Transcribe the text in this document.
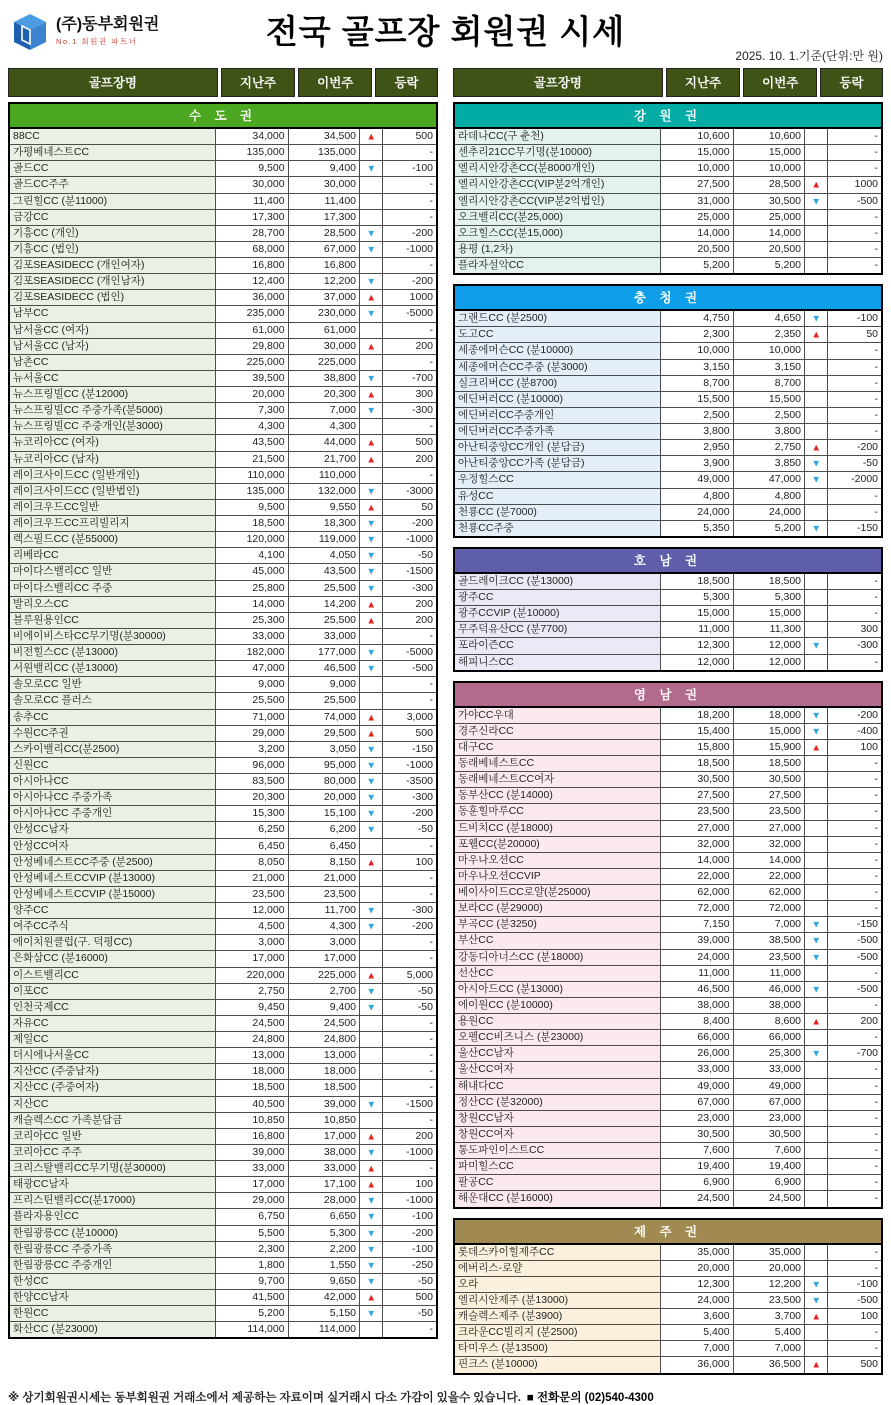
(주)동부회원권
No.1 회원권 파트너	전국 골프장 회원권 시세
2025. 10. 1.기준(단위:만 원)
골프장명	지난주	이번주	등락
수 도 권
88CC	34,000	34,500	▲	500
가평베네스트CC	135,000	135,000		-
골드CC	9,500	9,400	▼	-100
골드CC주주	30,000	30,000		-
그린힐CC (분11000)	11,400	11,400		-
금강CC	17,300	17,300		-
기흥CC (개인)	28,700	28,500	▼	-200
기흥CC (법인)	68,000	67,000	▼	-1000
김포SEASIDECC (개인여자)	16,800	16,800		-
김포SEASIDECC (개인남자)	12,400	12,200	▼	-200
김포SEASIDECC (법인)	36,000	37,000	▲	1000
남부CC	235,000	230,000	▼	-5000
남서울CC (여자)	61,000	61,000		-
남서울CC (남자)	29,800	30,000	▲	200
남촌CC	225,000	225,000		-
뉴서울CC	39,500	38,800	▼	-700
뉴스프링빌CC (분12000)	20,000	20,300	▲	300
뉴스프링빌CC 주중가족(분5000)	7,300	7,000	▼	-300
뉴스프링빌CC 주중개인(분3000)	4,300	4,300		-
뉴코리아CC (여자)	43,500	44,000	▲	500
뉴코리아CC (남자)	21,500	21,700	▲	200
레이크사이드CC (일반개인)	110,000	110,000		-
레이크사이드CC (일반법인)	135,000	132,000	▼	-3000
레이크우드CC일반	9,500	9,550	▲	50
레이크우드CC프리빌리지	18,500	18,300	▼	-200
렉스필드CC (분55000)	120,000	119,000	▼	-1000
리베라CC	4,100	4,050	▼	-50
마이다스밸리CC 일반	45,000	43,500	▼	-1500
마이다스밸리CC 주중	25,800	25,500	▼	-300
발리오스CC	14,000	14,200	▲	200
블루원용인CC	25,300	25,500	▲	200
비에이비스타CC무기명(분30000)	33,000	33,000		-
비전힐스CC (분13000)	182,000	177,000	▼	-5000
서원밸리CC (분13000)	47,000	46,500	▼	-500
솔모로CC 일반	9,000	9,000		-
솔모로CC 플러스	25,500	25,500		-
송추CC	71,000	74,000	▲	3,000
수원CC주권	29,000	29,500	▲	500
스카이밸리CC(분2500)	3,200	3,050	▼	-150
신원CC	96,000	95,000	▼	-1000
아시아나CC	83,500	80,000	▼	-3500
아시아나CC 주중가족	20,300	20,000	▼	-300
아시아나CC 주중개인	15,300	15,100	▼	-200
안성CC남자	6,250	6,200	▼	-50
안성CC여자	6,450	6,450		-
안성베네스트CC주중 (분2500)	8,050	8,150	▲	100
안성베네스트CCVIP (분13000)	21,000	21,000		-
안성베네스트CCVIP (분15000)	23,500	23,500		-
양주CC	12,000	11,700	▼	-300
여주CC주식	4,500	4,300	▼	-200
에이치원클럽(구. 덕평CC)	3,000	3,000		-
은화삼CC (분16000)	17,000	17,000		-
이스트밸리CC	220,000	225,000	▲	5,000
이포CC	2,750	2,700	▼	-50
인천국제CC	9,450	9,400	▼	-50
자유CC	24,500	24,500		-
제일CC	24,800	24,800		-
더시에나서울CC	13,000	13,000		-
지산CC (주중남자)	18,000	18,000		-
지산CC (주중여자)	18,500	18,500		-
지산CC	40,500	39,000	▼	-1500
캐슬렉스CC 가족분담금	10,850	10,850		-
코리아CC 일반	16,800	17,000	▲	200
코리아CC 주주	39,000	38,000	▼	-1000
크리스탈밸리CC무기명(분30000)	33,000	33,000	▲	-
태광CC남자	17,000	17,100	▲	100
프리스틴밸리CC(분17000)	29,000	28,000	▼	-1000
플라자용인CC	6,750	6,650	▼	-100
한림광릉CC (분10000)	5,500	5,300	▼	-200
한림광릉CC 주중가족	2,300	2,200	▼	-100
한림광릉CC 주중개인	1,800	1,550	▼	-250
한성CC	9,700	9,650	▼	-50
한양CC남자	41,500	42,000	▲	500
한원CC	5,200	5,150	▼	-50
화산CC (분23000)	114,000	114,000		-
골프장명	지난주	이번주	등락
강 원 권
라데나CC(구 춘천)	10,600	10,600		-
센추리21CC무기명(분10000)	15,000	15,000		-
엘리시안강촌CC(분8000개인)	10,000	10,000		-
엘리시안강촌CC(VIP분2억개인)	27,500	28,500	▲	1000
엘리시안강촌CC(VIP분2억법인)	31,000	30,500	▼	-500
오크밸리CC(분25,000)	25,000	25,000		-
오크힐스CC(분15,000)	14,000	14,000		-
용평 (1,2차)	20,500	20,500		-
플라자설악CC	5,200	5,200		-
충 청 권
그랜드CC (분2500)	4,750	4,650	▼	-100
도고CC	2,300	2,350	▲	50
세종에머슨CC (분10000)	10,000	10,000		-
세종에머슨CC주중 (분3000)	3,150	3,150		-
실크리버CC (분8700)	8,700	8,700		-
에딘버러CC (분10000)	15,500	15,500		-
에딘버러CC주중개인	2,500	2,500		-
에딘버러CC주중가족	3,800	3,800		-
아난티중앙CC개인 (분담금)	2,950	2,750	▲	-200
아난티중앙CC가족 (분담금)	3,900	3,850	▼	-50
우정힐스CC	49,000	47,000	▼	-2000
유성CC	4,800	4,800		-
천룡CC (분7000)	24,000	24,000		-
천룡CC주중	5,350	5,200	▼	-150
호 남 권
골드레이크CC (분13000)	18,500	18,500		-
광주CC	5,300	5,300		-
광주CCVIP (분10000)	15,000	15,000		-
무주덕유산CC (분7700)	11,000	11,300		300
포라이즌CC	12,300	12,000	▼	-300
해피니스CC	12,000	12,000		-
영 남 권
가야CC우대	18,200	18,000	▼	-200
경주신라CC	15,400	15,000	▼	-400
대구CC	15,800	15,900	▲	100
동래베네스트CC	18,500	18,500		-
동래베네스트CC여자	30,500	30,500		-
동부산CC (분14000)	27,500	27,500		-
동훈힐마루CC	23,500	23,500		-
드비치CC (분18000)	27,000	27,000		-
포웰CC(분20000)	32,000	32,000		-
마우나오션CC	14,000	14,000		-
마우나오션CCVIP	22,000	22,000		-
베이사이드CC로얄(분25000)	62,000	62,000		-
보라CC (분29000)	72,000	72,000		-
부곡CC (분3250)	7,150	7,000	▼	-150
부산CC	39,000	38,500	▼	-500
강동디아너스CC (분18000)	24,000	23,500	▼	-500
선산CC	11,000	11,000		-
아시아드CC (분13000)	46,500	46,000	▼	-500
에이원CC (분10000)	38,000	38,000		-
용원CC	8,400	8,600	▲	200
오펠CC비즈니스 (분23000)	66,000	66,000		-
울산CC남자	26,000	25,300	▼	-700
울산CC여자	33,000	33,000		-
해내다CC	49,000	49,000		-
정산CC (분32000)	67,000	67,000		-
창원CC남자	23,000	23,000		-
창원CC여자	30,500	30,500		-
통도파인이스트CC	7,600	7,600		-
파미힐스CC	19,400	19,400		-
팔공CC	6,900	6,900		-
해운대CC (분16000)	24,500	24,500		-
제 주 권
롯데스카이힐제주CC	35,000	35,000		-
에버리스-로얄	20,000	20,000		-
오라	12,300	12,200	▼	-100
엘리시안제주 (분13000)	24,000	23,500	▼	-500
캐슬렉스제주 (분3900)	3,600	3,700	▲	100
크라운CC빌리지 (분2500)	5,400	5,400		-
타미우스 (분13500)	7,000	7,000		-
핀크스 (분10000)	36,000	36,500	▲	500
※ 상기회원권시세는 동부회원권 거래소에서 제공하는 자료이며 실거래시 다소 가감이 있을수 있습니다. ■ 전화문의 (02)540-4300
